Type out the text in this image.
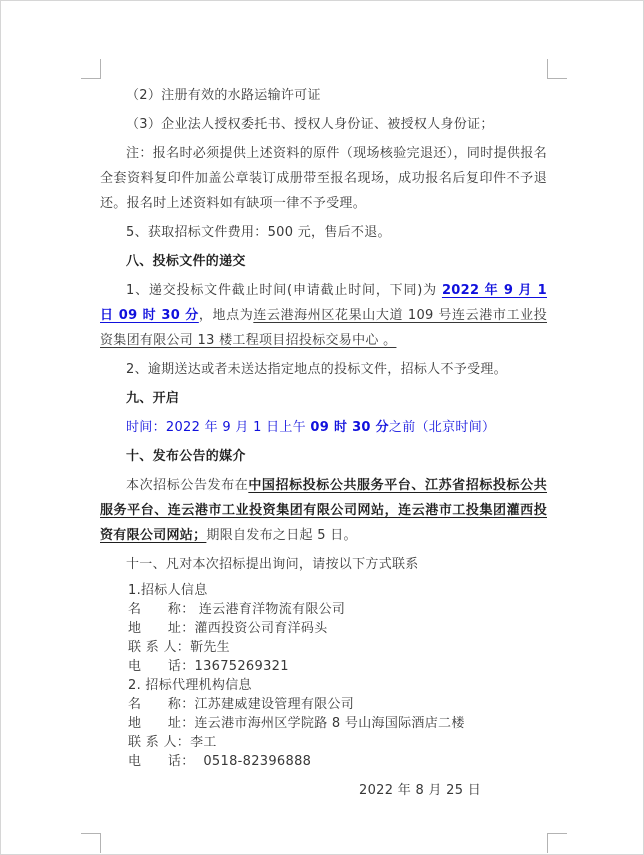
（2）注册有效的水路运输许可证

（3）企业法人授权委托书、授权人身份证、被授权人身份证；

注：报名时必须提供上述资料的原件（现场核验完退还），同时提供报名全套资料复印件加盖公章装订成册带至报名现场，成功报名后复印件不予退还。报名时上述资料如有缺项一律不予受理。

5、获取招标文件费用：500 元，售后不退。

八、投标文件的递交

1、递交投标文件截止时间(申请截止时间，下同)为 2022 年 9 月 1 日 09 时 30 分，地点为连云港海州区花果山大道 109 号连云港市工业投资集团有限公司 13 楼工程项目招投标交易中心 。

2、逾期送达或者未送达指定地点的投标文件，招标人不予受理。

九、开启

时间：2022 年 9 月 1 日上午 09 时 30 分之前（北京时间）

十、发布公告的媒介

本次招标公告发布在中国招标投标公共服务平台、江苏省招标投标公共服务平台、连云港市工业投资集团有限公司网站，连云港市工投集团灌西投资有限公司网站；期限自发布之日起 5 日。

十一、凡对本次招标提出询问，请按以下方式联系

1.招标人信息
名　　称： 连云港育洋物流有限公司
地　　址：灌西投资公司育洋码头
联 系 人：靳先生
电　　话：13675269321
2. 招标代理机构信息
名　　称：江苏建威建设管理有限公司
地　　址：连云港市海州区学院路 8 号山海国际酒店二楼
联 系 人：李工
电　　话：  0518-82396888
2022 年 8 月 25 日
